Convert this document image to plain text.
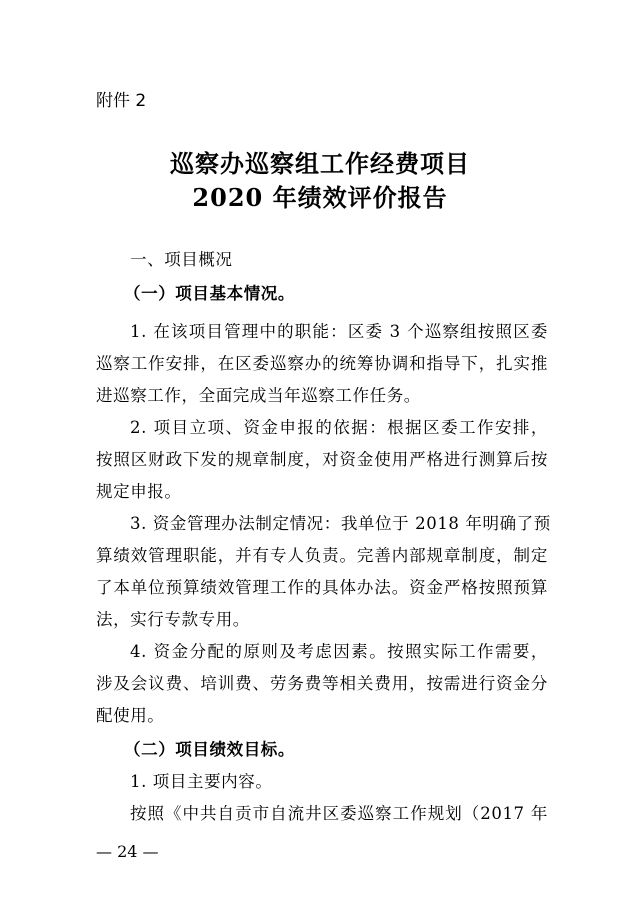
附件 2
巡察办巡察组工作经费项目
2020 年绩效评价报告
一、项目概况
（一）项目基本情况。
1. 在该项目管理中的职能：区委 3 个巡察组按照区委
巡察工作安排，在区委巡察办的统筹协调和指导下，扎实推
进巡察工作，全面完成当年巡察工作任务。
2. 项目立项、资金申报的依据：根据区委工作安排，
按照区财政下发的规章制度，对资金使用严格进行测算后按
规定申报。
3. 资金管理办法制定情况：我单位于 2018 年明确了预
算绩效管理职能，并有专人负责。完善内部规章制度，制定
了本单位预算绩效管理工作的具体办法。资金严格按照预算
法，实行专款专用。
4. 资金分配的原则及考虑因素。按照实际工作需要，
涉及会议费、培训费、劳务费等相关费用，按需进行资金分
配使用。
（二）项目绩效目标。
1. 项目主要内容。
按照《中共自贡市自流井区委巡察工作规划（2017 年
— 24 —
